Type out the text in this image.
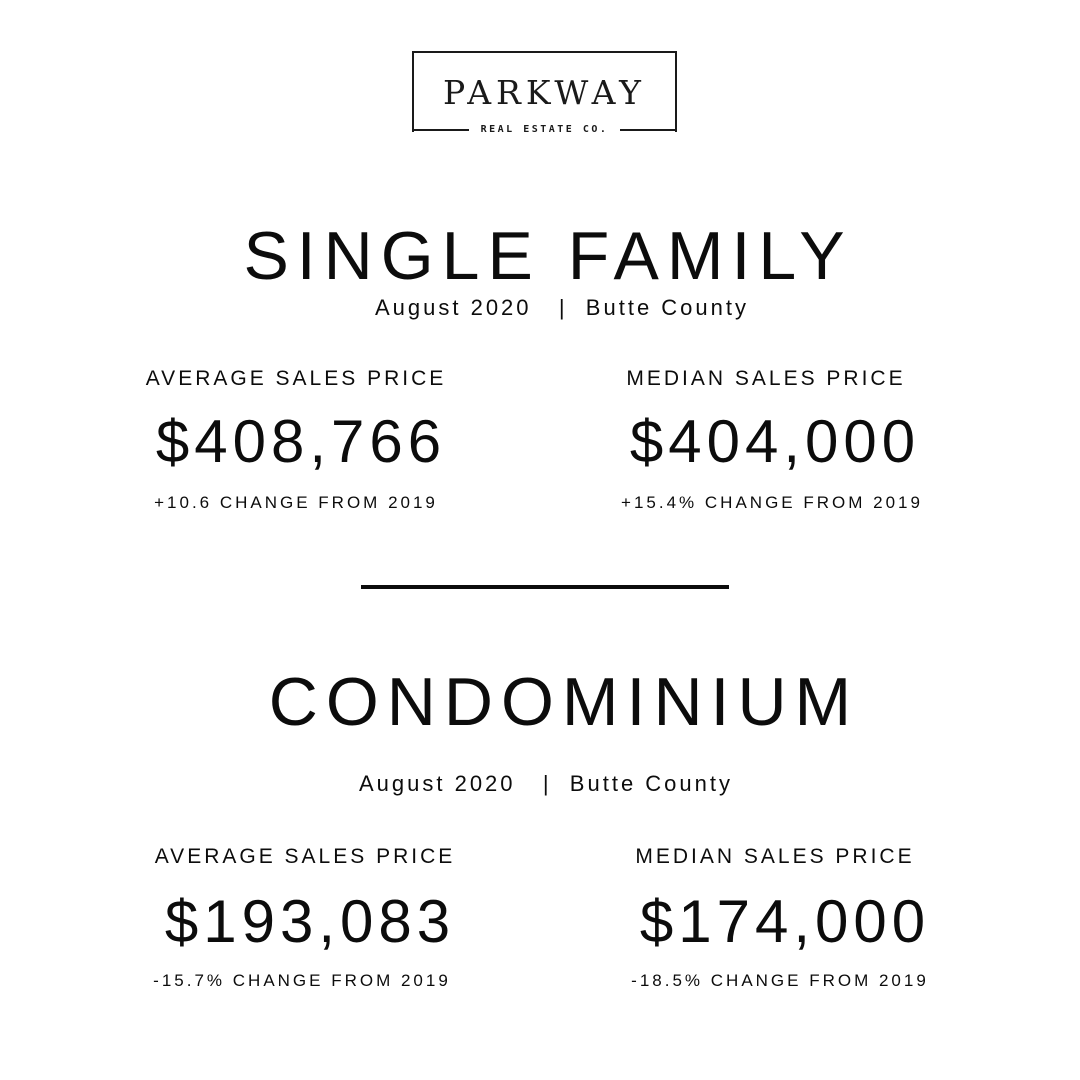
PARKWAY
REAL ESTATE CO.
SINGLE FAMILY
August 2020   |  Butte County
AVERAGE SALES PRICE
$408,766
+10.6 CHANGE FROM 2019
MEDIAN SALES PRICE
$404,000
+15.4% CHANGE FROM 2019
CONDOMINIUM
August 2020   |  Butte County
AVERAGE SALES PRICE
$193,083
-15.7% CHANGE FROM 2019
MEDIAN SALES PRICE
$174,000
-18.5% CHANGE FROM 2019
